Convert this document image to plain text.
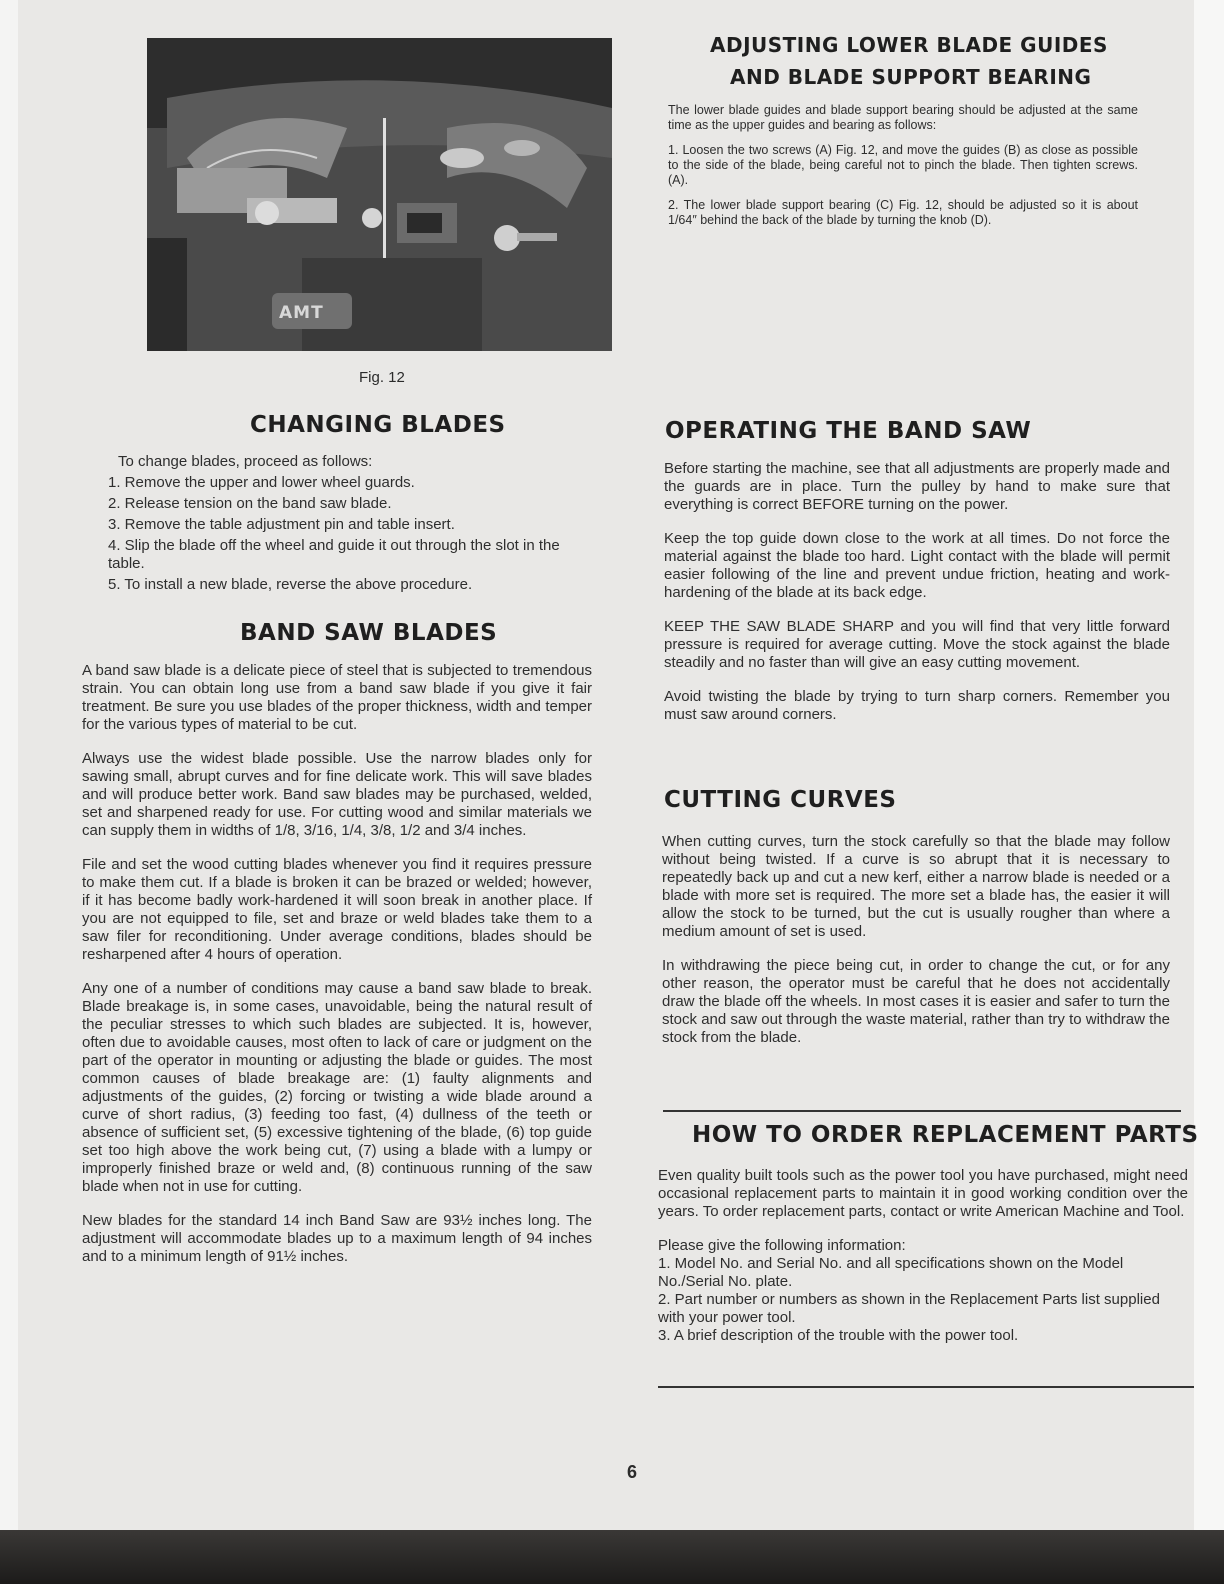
AMT
Fig. 12
ADJUSTING LOWER BLADE GUIDES
AND BLADE SUPPORT BEARING

The lower blade guides and blade support bearing should be adjusted at the same time as the upper guides and bearing as follows:

1. Loosen the two screws (A) Fig. 12, and move the guides (B) as close as possible to the side of the blade, being careful not to pinch the blade. Then tighten screws. (A).

2. The lower blade support bearing (C) Fig. 12, should be adjusted so it is about 1/64″ behind the back of the blade by turning the knob (D).

CHANGING BLADES
To change blades, proceed as follows:
1. Remove the upper and lower wheel guards.
2. Release tension on the band saw blade.
3. Remove the table adjustment pin and table insert.
4. Slip the blade off the wheel and guide it out through the slot in the table.
5. To install a new blade, reverse the above procedure.
BAND SAW BLADES

A band saw blade is a delicate piece of steel that is subjected to tremendous strain. You can obtain long use from a band saw blade if you give it fair treatment. Be sure you use blades of the proper thickness, width and temper for the various types of material to be cut.

Always use the widest blade possible. Use the narrow blades only for sawing small, abrupt curves and for fine delicate work. This will save blades and will produce better work. Band saw blades may be purchased, welded, set and sharpened ready for use. For cutting wood and similar materials we can supply them in widths of 1/8, 3/16, 1/4, 3/8, 1/2 and 3/4 inches.

File and set the wood cutting blades whenever you find it requires pressure to make them cut. If a blade is broken it can be brazed or welded; however, if it has become badly work-hardened it will soon break in another place. If you are not equipped to file, set and braze or weld blades take them to a saw filer for reconditioning. Under average conditions, blades should be resharpened after 4 hours of operation.

Any one of a number of conditions may cause a band saw blade to break. Blade breakage is, in some cases, unavoidable, being the natural result of the peculiar stresses to which such blades are subjected. It is, however, often due to avoidable causes, most often to lack of care or judgment on the part of the operator in mounting or adjusting the blade or guides. The most common causes of blade breakage are: (1) faulty alignments and adjustments of the guides, (2) forcing or twisting a wide blade around a curve of short radius, (3) feeding too fast, (4) dullness of the teeth or absence of sufficient set, (5) excessive tightening of the blade, (6) top guide set too high above the work being cut, (7) using a blade with a lumpy or improperly finished braze or weld and, (8) continuous running of the saw blade when not in use for cutting.

New blades for the standard 14 inch Band Saw are 93½ inches long. The adjustment will accommodate blades up to a maximum length of 94 inches and to a minimum length of 91½ inches.

OPERATING THE BAND SAW

Before starting the machine, see that all adjustments are properly made and the guards are in place. Turn the pulley by hand to make sure that everything is correct BEFORE turning on the power.

Keep the top guide down close to the work at all times. Do not force the material against the blade too hard. Light contact with the blade will permit easier following of the line and prevent undue friction, heating and work-hardening of the blade at its back edge.

KEEP THE SAW BLADE SHARP and you will find that very little forward pressure is required for average cutting. Move the stock against the blade steadily and no faster than will give an easy cutting movement.

Avoid twisting the blade by trying to turn sharp corners. Remember you must saw around corners.

CUTTING CURVES

When cutting curves, turn the stock carefully so that the blade may follow without being twisted. If a curve is so abrupt that it is necessary to repeatedly back up and cut a new kerf, either a narrow blade is needed or a blade with more set is required. The more set a blade has, the easier it will allow the stock to be turned, but the cut is usually rougher than where a medium amount of set is used.

In withdrawing the piece being cut, in order to change the cut, or for any other reason, the operator must be careful that he does not accidentally draw the blade off the wheels. In most cases it is easier and safer to turn the stock and saw out through the waste material, rather than try to withdraw the stock from the blade.

HOW TO ORDER REPLACEMENT PARTS

Even quality built tools such as the power tool you have purchased, might need occasional replacement parts to maintain it in good working condition over the years. To order replacement parts, contact or write American Machine and Tool.

Please give the following information:
1. Model No. and Serial No. and all specifications shown on the Model No./Serial No. plate.
2. Part number or numbers as shown in the Replacement Parts list supplied with your power tool.
3. A brief description of the trouble with the power tool.
6
